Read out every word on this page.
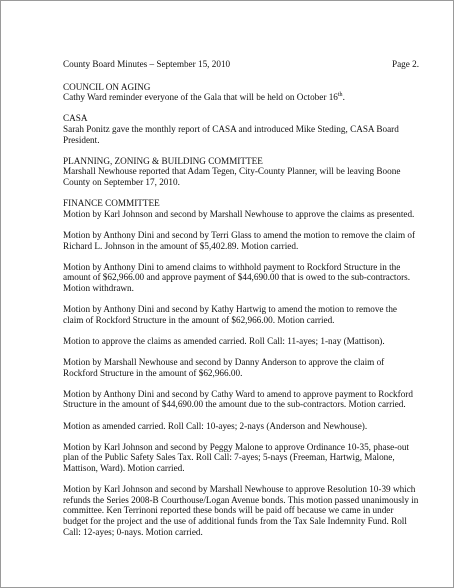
County Board Minutes – September 15, 2010	Page 2.
COUNCIL ON AGING
Cathy Ward reminder everyone of the Gala that will be held on October 16th.
CASA
Sarah Ponitz gave the monthly report of CASA and introduced Mike Steding, CASA Board President.
PLANNING, ZONING & BUILDING COMMITTEE
Marshall Newhouse reported that Adam Tegen, City-County Planner, will be leaving Boone County on September 17, 2010.
FINANCE COMMITTEE
Motion by Karl Johnson and second by Marshall Newhouse to approve the claims as presented.
Motion by Anthony Dini and second by Terri Glass to amend the motion to remove the claim of Richard L. Johnson in the amount of $5,402.89. Motion carried.
Motion by Anthony Dini to amend claims to withhold payment to Rockford Structure in the amount of $62,966.00 and approve payment of $44,690.00 that is owed to the sub-contractors. Motion withdrawn.
Motion by Anthony Dini and second by Kathy Hartwig to amend the motion to remove the claim of Rockford Structure in the amount of $62,966.00. Motion carried.
Motion to approve the claims as amended carried. Roll Call: 11-ayes; 1-nay (Mattison).
Motion by Marshall Newhouse and second by Danny Anderson to approve the claim of Rockford Structure in the amount of $62,966.00.
Motion by Anthony Dini and second by Cathy Ward to amend to approve payment to Rockford Structure in the amount of $44,690.00 the amount due to the sub-contractors. Motion carried.
Motion as amended carried. Roll Call: 10-ayes; 2-nays (Anderson and Newhouse).
Motion by Karl Johnson and second by Peggy Malone to approve Ordinance 10-35, phase-out plan of the Public Safety Sales Tax. Roll Call: 7-ayes; 5-nays (Freeman, Hartwig, Malone, Mattison, Ward). Motion carried.
Motion by Karl Johnson and second by Marshall Newhouse to approve Resolution 10-39 which refunds the Series 2008-B Courthouse/Logan Avenue bonds. This motion passed unanimously in committee. Ken Terrinoni reported these bonds will be paid off because we came in under budget for the project and the use of additional funds from the Tax Sale Indemnity Fund. Roll Call: 12-ayes; 0-nays. Motion carried.
